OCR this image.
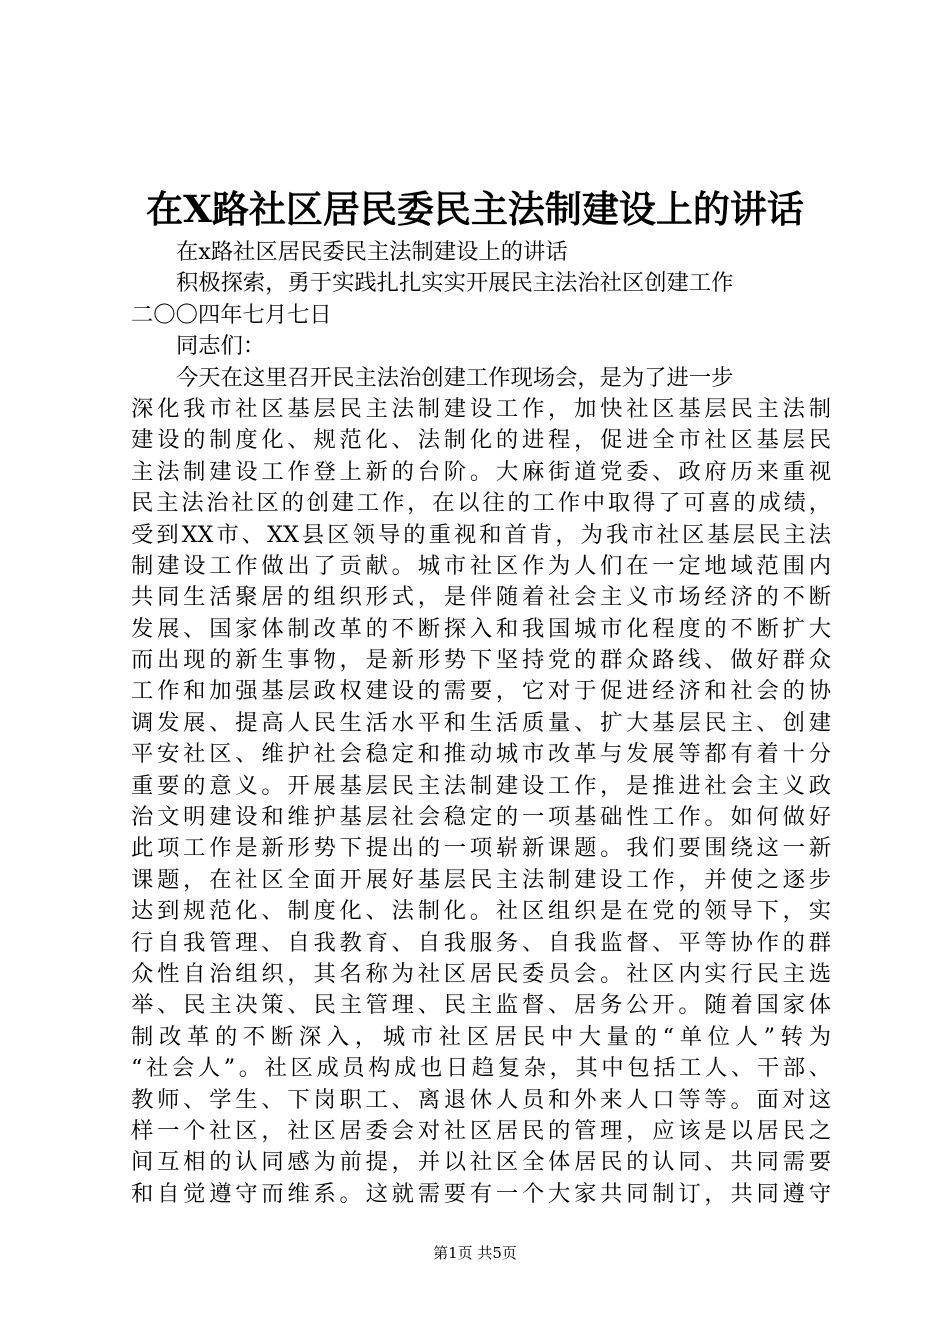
在X路社区居民委民主法制建设上的讲话
在x路社区居民委民主法制建设上的讲话
积极探索，勇于实践扎扎实实开展民主法治社区创建工作
二〇〇四年七月七日
同志们：
今天在这里召开民主法治创建工作现场会，是为了进一步
深化我市社区基层民主法制建设工作，加快社区基层民主法制
建设的制度化、规范化、法制化的进程，促进全市社区基层民
主法制建设工作登上新的台阶。大麻街道党委、政府历来重视
民主法治社区的创建工作，在以往的工作中取得了可喜的成绩，
受到XX市、XX县区领导的重视和首肯，为我市社区基层民主法
制建设工作做出了贡献。城市社区作为人们在一定地域范围内
共同生活聚居的组织形式，是伴随着社会主义市场经济的不断
发展、国家体制改革的不断探入和我国城市化程度的不断扩大
而出现的新生事物，是新形势下坚持党的群众路线、做好群众
工作和加强基层政权建设的需要，它对于促进经济和社会的协
调发展、提高人民生活水平和生活质量、扩大基层民主、创建
平安社区、维护社会稳定和推动城市改革与发展等都有着十分
重要的意义。开展基层民主法制建设工作，是推进社会主义政
治文明建设和维护基层社会稳定的一项基础性工作。如何做好
此项工作是新形势下提出的一项崭新课题。我们要围绕这一新
课题，在社区全面开展好基层民主法制建设工作，并使之逐步
达到规范化、制度化、法制化。社区组织是在党的领导下，实
行自我管理、自我教育、自我服务、自我监督、平等协作的群
众性自治组织，其名称为社区居民委员会。社区内实行民主选
举、民主决策、民主管理、民主监督、居务公开。随着国家体
制改革的不断深入，城市社区居民中大量的“单位人”转为
“社会人”。社区成员构成也日趋复杂，其中包括工人、干部、
教师、学生、下岗职工、离退休人员和外来人口等等。面对这
样一个社区，社区居委会对社区居民的管理，应该是以居民之
间互相的认同感为前提，并以社区全体居民的认同、共同需要
和自觉遵守而维系。这就需要有一个大家共同制订，共同遵守
第1页 共5页
